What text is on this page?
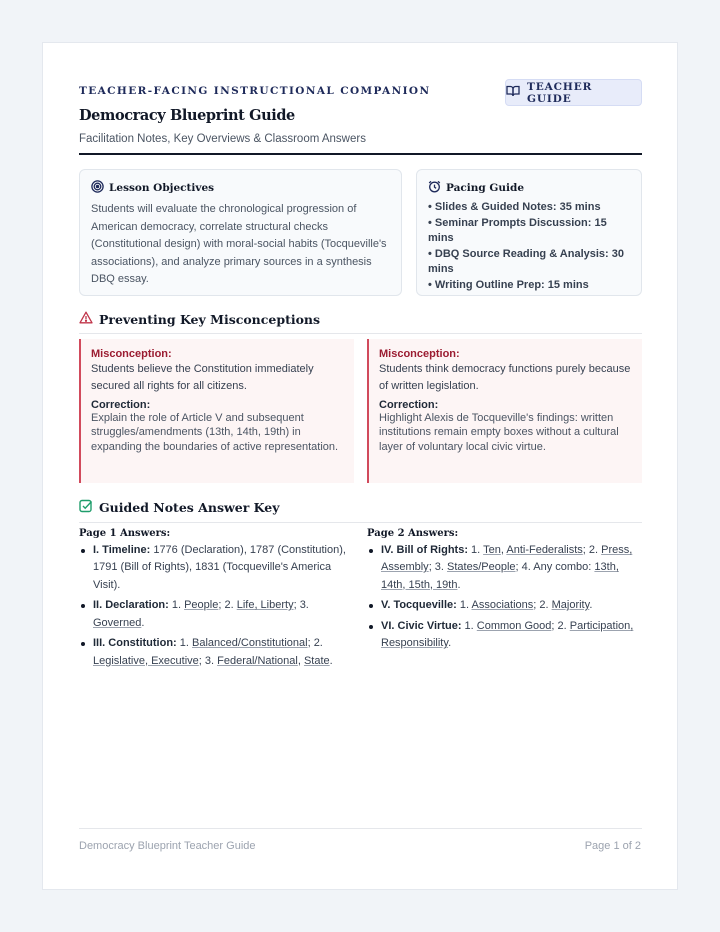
TEACHER-FACING INSTRUCTIONAL COMPANION
Democracy Blueprint Guide
Facilitation Notes, Key Overviews & Classroom Answers
TEACHER GUIDE
Lesson Objectives
Students will evaluate the chronological progression of American democracy, correlate structural checks (Constitutional design) with moral-social habits (Tocqueville's associations), and analyze primary sources in a synthesis DBQ essay.
Pacing Guide
• Slides & Guided Notes: 35 mins
• Seminar Prompts Discussion: 15 mins
• DBQ Source Reading & Analysis: 30 mins
• Writing Outline Prep: 15 mins
Preventing Key Misconceptions
Misconception:
Students believe the Constitution immediately secured all rights for all citizens.
Correction:
Explain the role of Article V and subsequent struggles/amendments (13th, 14th, 19th) in expanding the boundaries of active representation.
Misconception:
Students think democracy functions purely because of written legislation.
Correction:
Highlight Alexis de Tocqueville's findings: written institutions remain empty boxes without a cultural layer of voluntary local civic virtue.
Guided Notes Answer Key
Page 1 Answers:
I. Timeline: 1776 (Declaration), 1787 (Constitution), 1791 (Bill of Rights), 1831 (Tocqueville's America Visit).
II. Declaration: 1. People; 2. Life, Liberty; 3. Governed.
III. Constitution: 1. Balanced/Constitutional; 2. Legislative, Executive; 3. Federal/National, State.
Page 2 Answers:
IV. Bill of Rights: 1. Ten, Anti-Federalists; 2. Press, Assembly; 3. States/People; 4. Any combo: 13th, 14th, 15th, 19th.
V. Tocqueville: 1. Associations; 2. Majority.
VI. Civic Virtue: 1. Common Good; 2. Participation, Responsibility.
Democracy Blueprint Teacher Guide	Page 1 of 2
